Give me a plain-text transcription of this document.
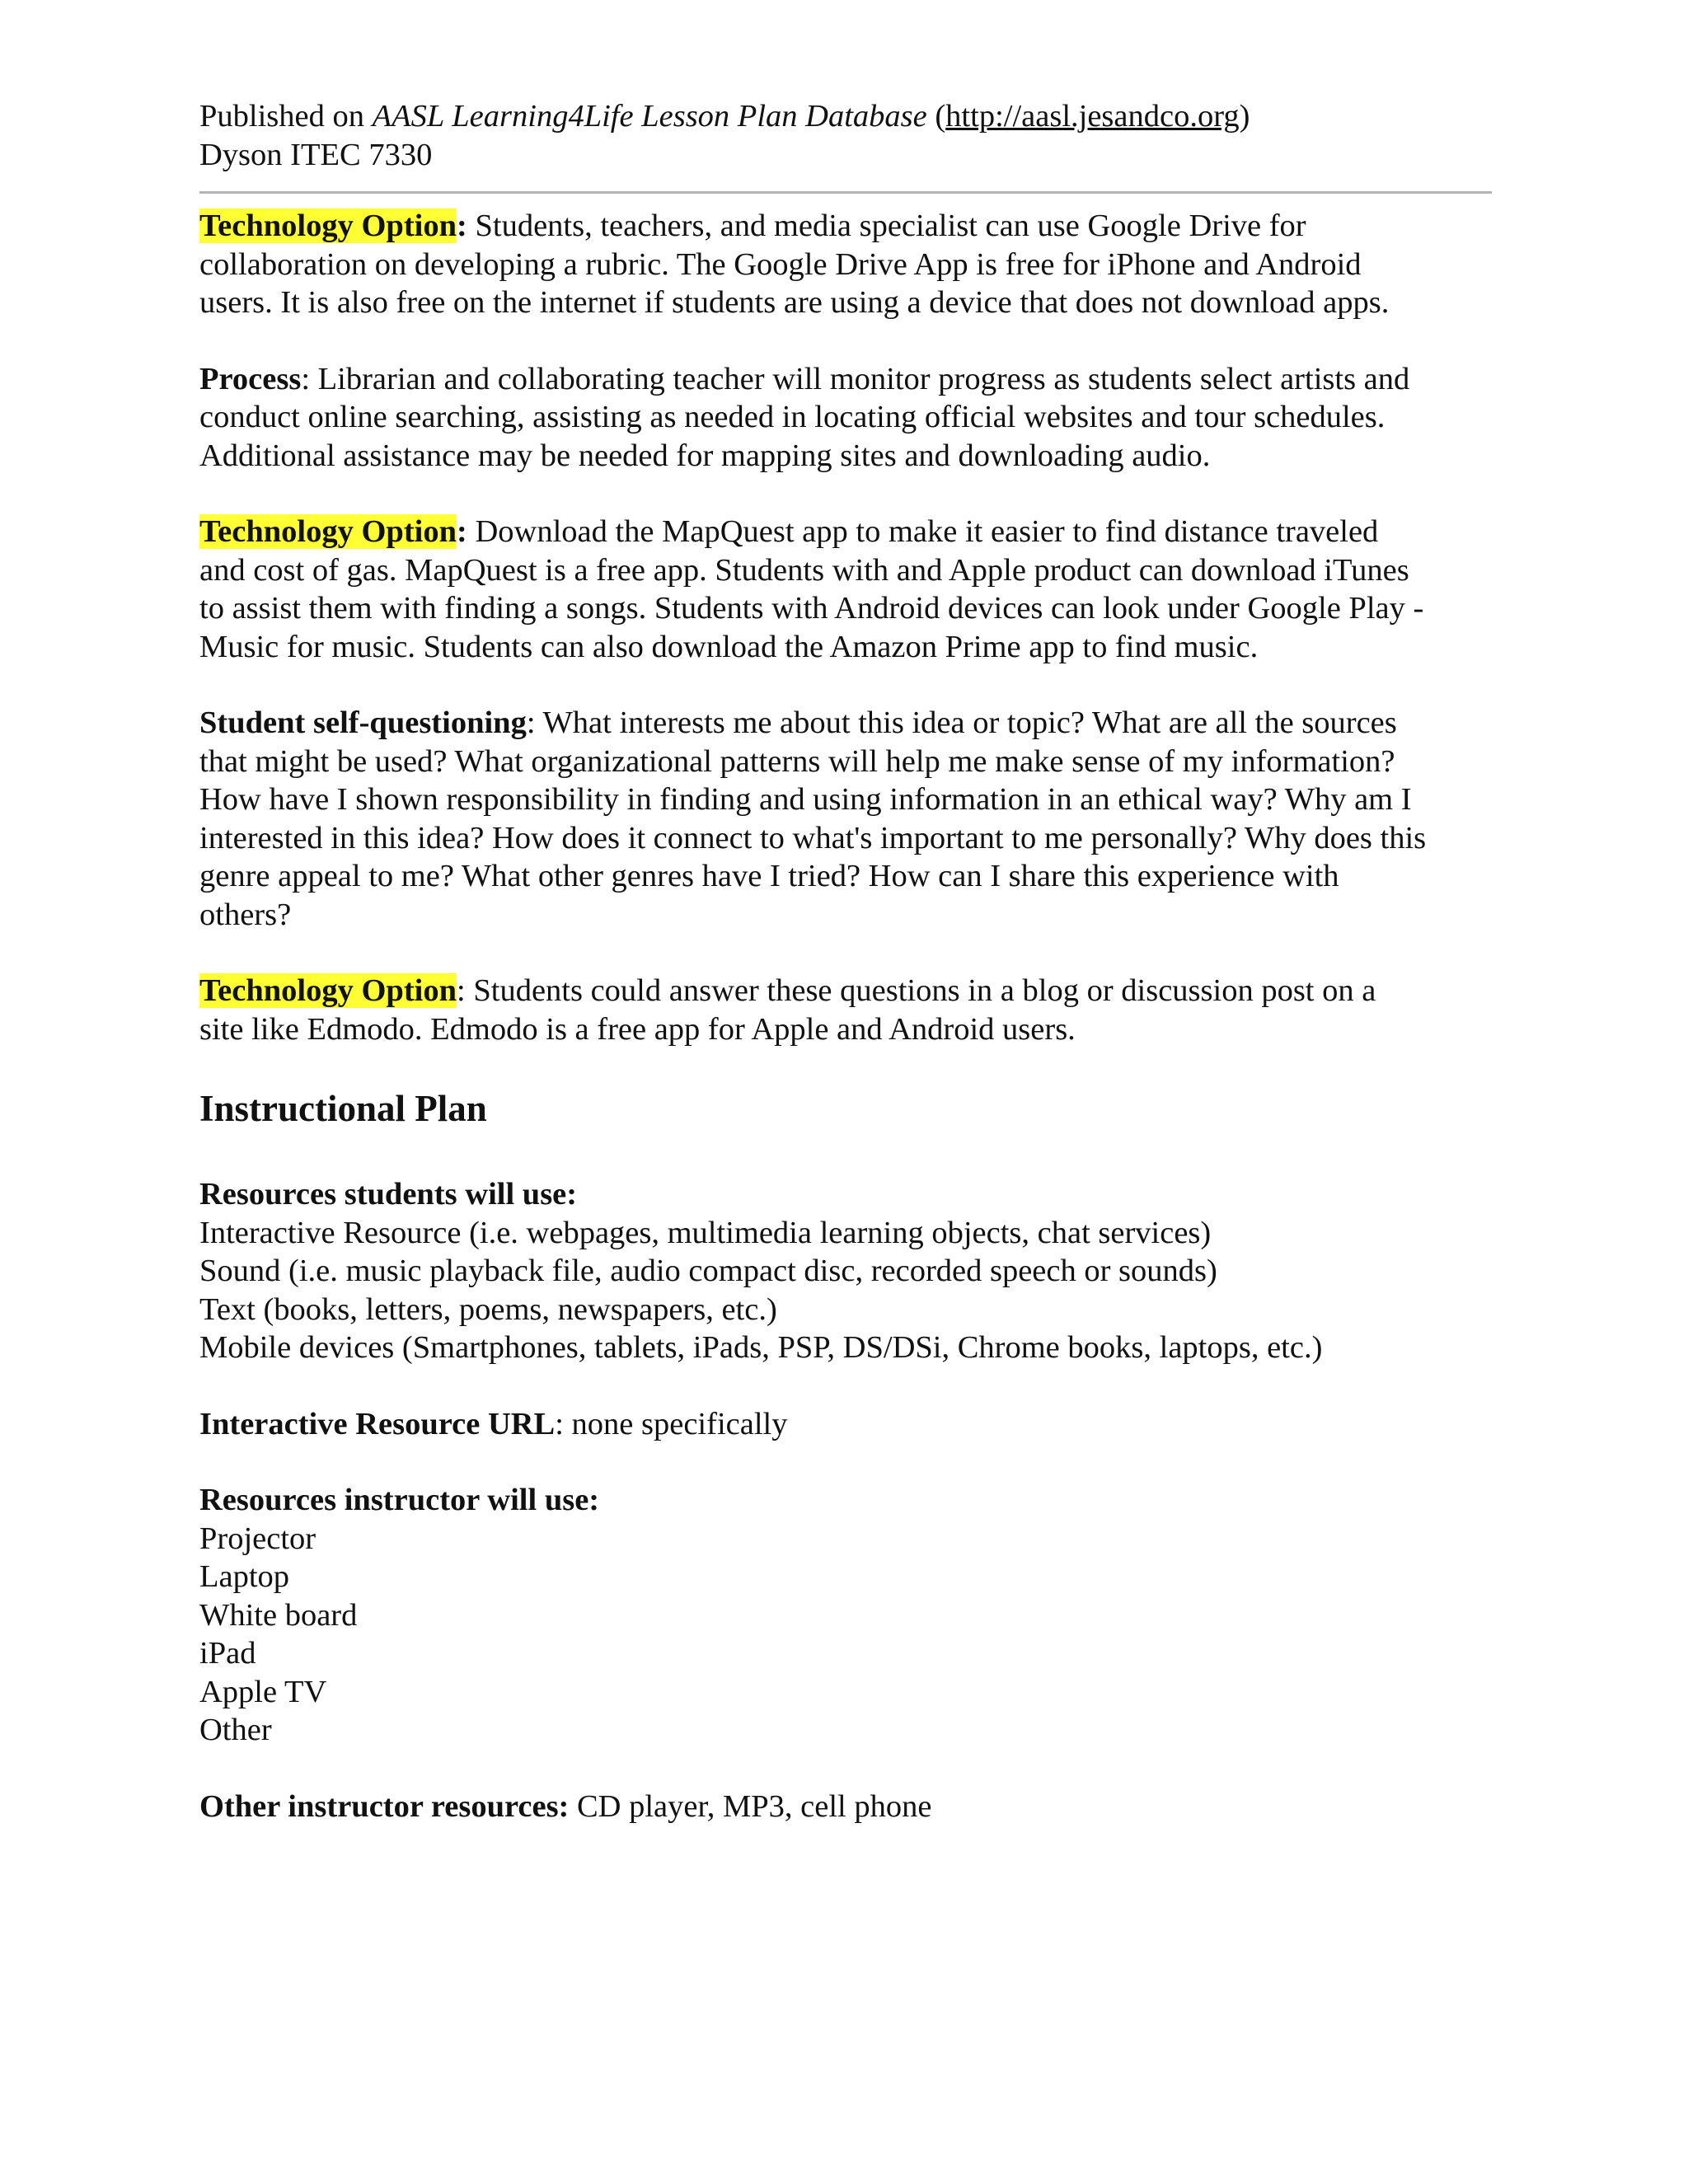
Published on AASL Learning4Life Lesson Plan Database (http://aasl.jesandco.org)

Dyson ITEC 7330

Technology Option: Students, teachers, and media specialist can use Google Drive for
collaboration on developing a rubric. The Google Drive App is free for iPhone and Android
users. It is also free on the internet if students are using a device that does not download apps.

Process: Librarian and collaborating teacher will monitor progress as students select artists and
conduct online searching, assisting as needed in locating official websites and tour schedules.
Additional assistance may be needed for mapping sites and downloading audio.

Technology Option: Download the MapQuest app to make it easier to find distance traveled
and cost of gas. MapQuest is a free app. Students with and Apple product can download iTunes
to assist them with finding a songs. Students with Android devices can look under Google Play -
Music for music. Students can also download the Amazon Prime app to find music.

Student self-questioning: What interests me about this idea or topic? What are all the sources
that might be used? What organizational patterns will help me make sense of my information?
How have I shown responsibility in finding and using information in an ethical way? Why am I
interested in this idea? How does it connect to what's important to me personally? Why does this
genre appeal to me? What other genres have I tried? How can I share this experience with
others?

Technology Option: Students could answer these questions in a blog or discussion post on a
site like Edmodo. Edmodo is a free app for Apple and Android users.

Instructional Plan

Resources students will use:
Interactive Resource (i.e. webpages, multimedia learning objects, chat services)
Sound (i.e. music playback file, audio compact disc, recorded speech or sounds)
Text (books, letters, poems, newspapers, etc.)
Mobile devices (Smartphones, tablets, iPads, PSP, DS/DSi, Chrome books, laptops, etc.)

Interactive Resource URL: none specifically

Resources instructor will use:
Projector
Laptop
White board
iPad
Apple TV
Other

Other instructor resources: CD player, MP3, cell phone
